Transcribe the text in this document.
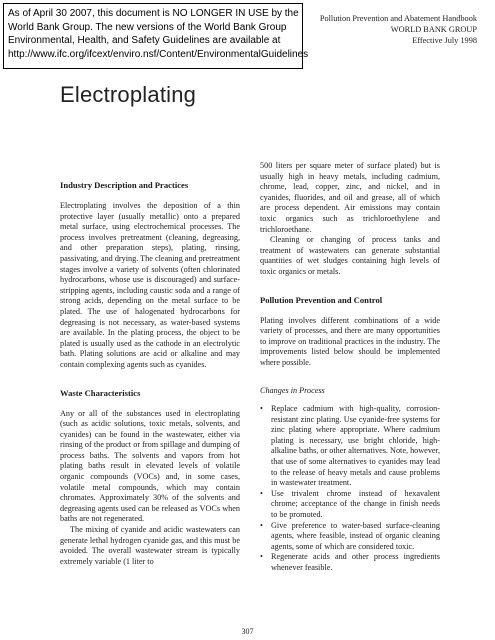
As of April 30 2007, this document is NO LONGER IN USE by the
World Bank Group. The new versions of the World Bank Group
Environmental, Health, and Safety Guidelines are available at
http://www.ifc.org/ifcext/enviro.nsf/Content/EnvironmentalGuidelines
Pollution Prevention and Abatement Handbook
WORLD BANK GROUP
Effective July 1998
Electroplating
Industry Description and Practices

Electroplating involves the deposition of a thin protective layer (usually metallic) onto a prepared metal surface, using electrochemical processes. The process involves pretreatment (cleaning, degreasing, and other preparation steps), plating, rinsing, passivating, and drying. The cleaning and pretreatment stages involve a variety of solvents (often chlorinated hydrocarbons, whose use is discouraged) and surface-stripping agents, including caustic soda and a range of strong acids, depending on the metal surface to be plated. The use of halogenated hydrocarbons for degreasing is not necessary, as water-based systems are available. In the plating process, the object to be plated is usually used as the cathode in an electrolytic bath. Plating solutions are acid or alkaline and may contain complexing agents such as cyanides.

Waste Characteristics

Any or all of the substances used in electroplating (such as acidic solutions, toxic metals, solvents, and cyanides) can be found in the wastewater, either via rinsing of the product or from spillage and dumping of process baths. The solvents and vapors from hot plating baths result in elevated levels of volatile organic compounds (VOCs) and, in some cases, volatile metal compounds, which may contain chromates. Approximately 30% of the solvents and degreasing agents used can be released as VOCs when baths are not regenerated.

The mixing of cyanide and acidic wastewaters can generate lethal hydrogen cyanide gas, and this must be avoided. The overall wastewater stream is typically extremely variable (1 liter to

500 liters per square meter of surface plated) but is usually high in heavy metals, including cadmium, chrome, lead, copper, zinc, and nickel, and in cyanides, fluorides, and oil and grease, all of which are process dependent. Air emissions may contain toxic organics such as trichloroethylene and trichloroethane.

Cleaning or changing of process tanks and treatment of wastewaters can generate substantial quantities of wet sludges containing high levels of toxic organics or metals.

Pollution Prevention and Control

Plating involves different combinations of a wide variety of processes, and there are many opportunities to improve on traditional practices in the industry. The improvements listed below should be implemented where possible.

Changes in Process
• Replace cadmium with high-quality, corrosion-resistant zinc plating. Use cyanide-free systems for zinc plating where appropriate. Where cadmium plating is necessary, use bright chloride, high-alkaline baths, or other alternatives. Note, however, that use of some alternatives to cyanides may lead to the release of heavy metals and cause problems in wastewater treatment.
• Use trivalent chrome instead of hexavalent chrome; acceptance of the change in finish needs to be promoted.
• Give preference to water-based surface-cleaning agents, where feasible, instead of organic cleaning agents, some of which are considered toxic.
• Regenerate acids and other process ingredients whenever feasible.
307
